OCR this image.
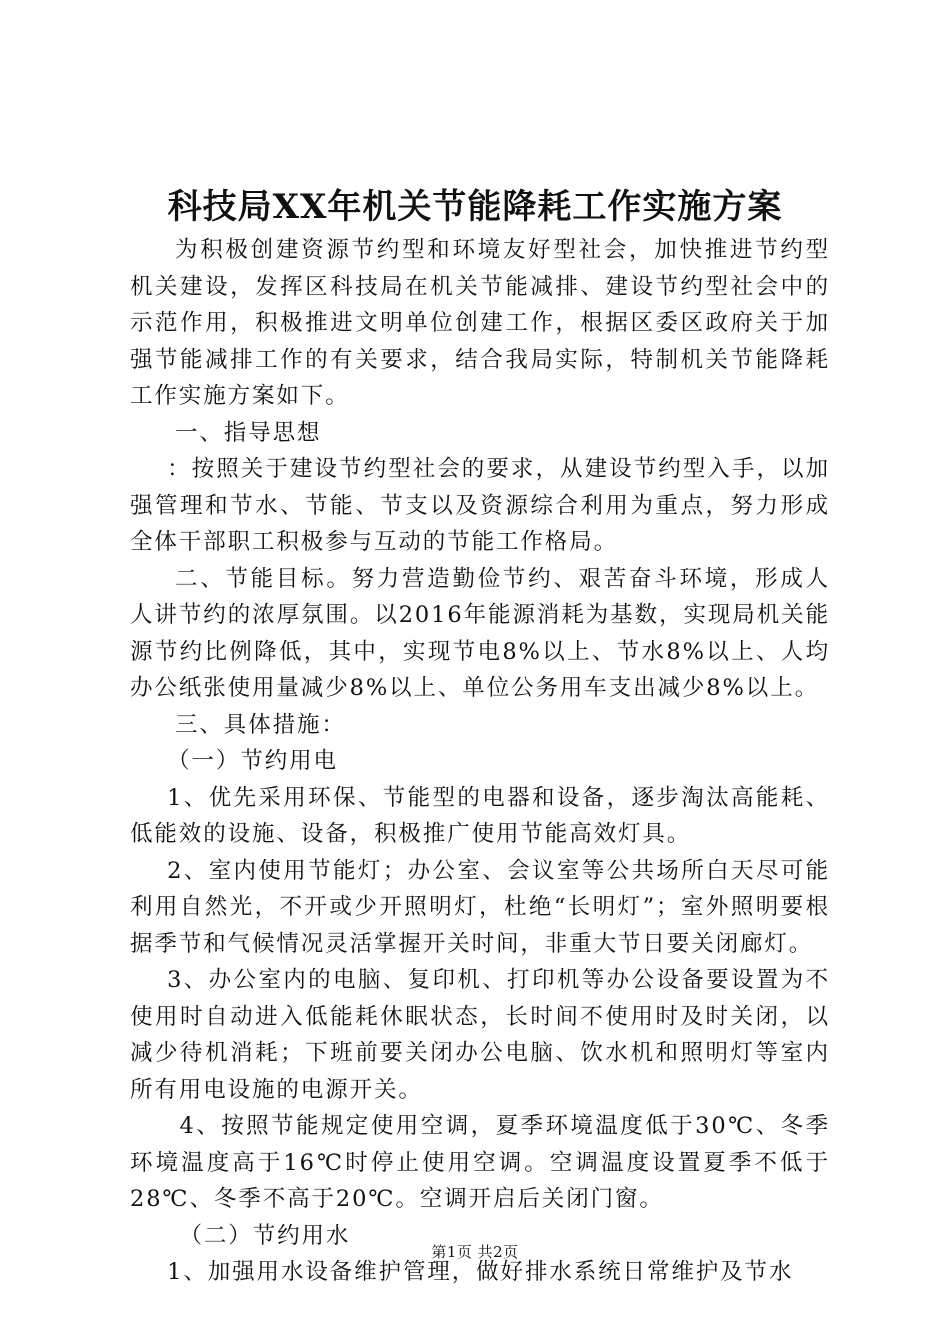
科技局XX年机关节能降耗工作实施方案

为积极创建资源节约型和环境友好型社会，加快推进节约型机关建设，发挥区科技局在机关节能减排、建设节约型社会中的示范作用，积极推进文明单位创建工作，根据区委区政府关于加强节能减排工作的有关要求，结合我局实际，特制机关节能降耗工作实施方案如下。

一、指导思想

：按照关于建设节约型社会的要求，从建设节约型入手，以加强管理和节水、节能、节支以及资源综合利用为重点，努力形成全体干部职工积极参与互动的节能工作格局。

二、节能目标。努力营造勤俭节约、艰苦奋斗环境，形成人人讲节约的浓厚氛围。以2016年能源消耗为基数，实现局机关能源节约比例降低，其中，实现节电8%以上、节水8%以上、人均办公纸张使用量减少8%以上、单位公务用车支出减少8%以上。

三、具体措施：

（一）节约用电

1、优先采用环保、节能型的电器和设备，逐步淘汰高能耗、低能效的设施、设备，积极推广使用节能高效灯具。

2、室内使用节能灯；办公室、会议室等公共场所白天尽可能利用自然光，不开或少开照明灯，杜绝“长明灯”；室外照明要根据季节和气候情况灵活掌握开关时间，非重大节日要关闭廊灯。

3、办公室内的电脑、复印机、打印机等办公设备要设置为不使用时自动进入低能耗休眠状态，长时间不使用时及时关闭，以减少待机消耗；下班前要关闭办公电脑、饮水机和照明灯等室内所有用电设施的电源开关。

4、按照节能规定使用空调，夏季环境温度低于30℃、冬季环境温度高于16℃时停止使用空调。空调温度设置夏季不低于28℃、冬季不高于20℃。空调开启后关闭门窗。

（二）节约用水

1、加强用水设备维护管理，做好排水系统日常维护及节水

第1页 共2页
